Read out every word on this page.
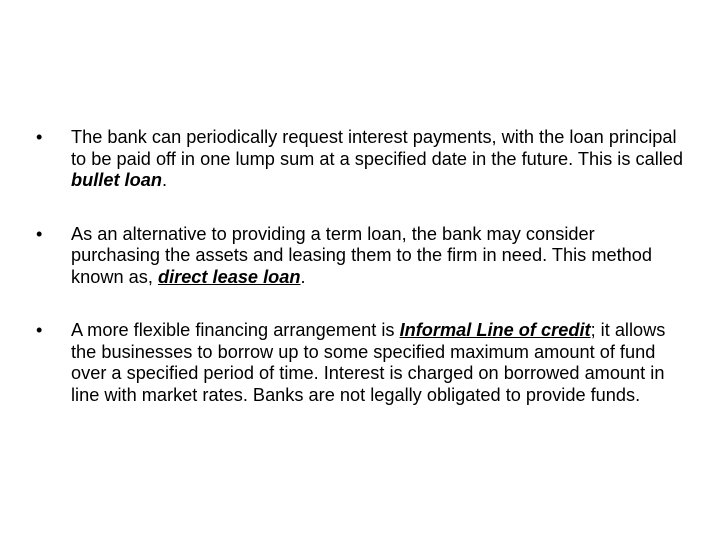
•	The bank can periodically request interest payments, with the loan principal to be paid off in one lump sum at a specified date in the future. This is called bullet loan.
•	As an alternative to providing a term loan, the bank may consider purchasing the assets and leasing them to the firm in need. This method known as, direct lease loan.
•	A more flexible financing arrangement is Informal Line of credit; it allows the businesses to borrow up to some specified maximum amount of fund over a specified period of time. Interest is charged on borrowed amount in line with market rates. Banks are not legally obligated to provide funds.
